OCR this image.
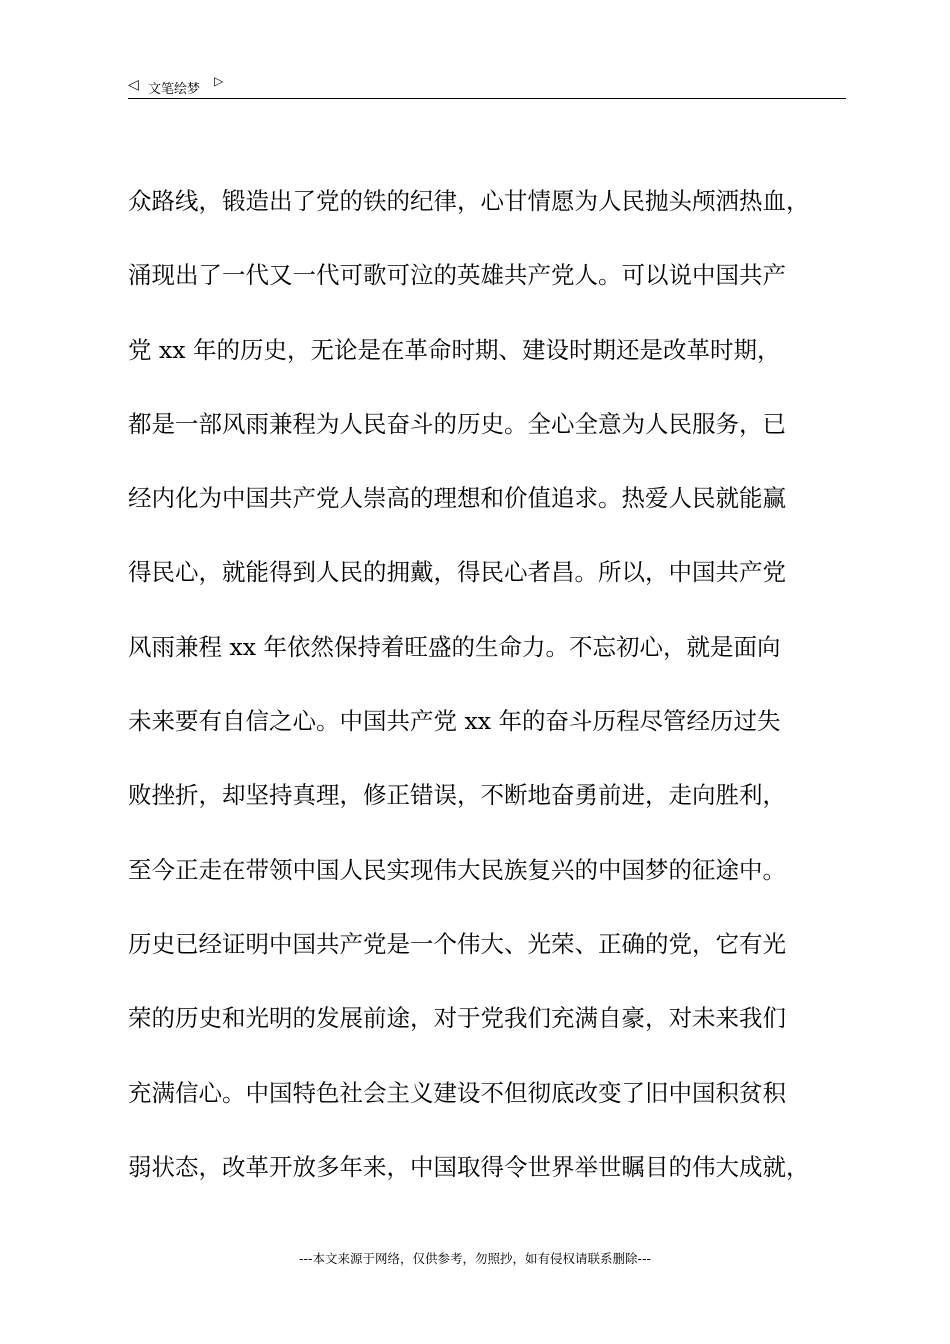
◁ 文笔绘梦
▷
众路线，锻造出了党的铁的纪律，心甘情愿为人民抛头颅洒热血，
涌现出了一代又一代可歌可泣的英雄共产党人。可以说中国共产
党 xx 年的历史，无论是在革命时期、建设时期还是改革时期，
都是一部风雨兼程为人民奋斗的历史。全心全意为人民服务，已
经内化为中国共产党人崇高的理想和价值追求。热爱人民就能赢
得民心，就能得到人民的拥戴，得民心者昌。所以，中国共产党
风雨兼程 xx 年依然保持着旺盛的生命力。不忘初心，就是面向
未来要有自信之心。中国共产党 xx 年的奋斗历程尽管经历过失
败挫折，却坚持真理，修正错误，不断地奋勇前进，走向胜利，
至今正走在带领中国人民实现伟大民族复兴的中国梦的征途中。
历史已经证明中国共产党是一个伟大、光荣、正确的党，它有光
荣的历史和光明的发展前途，对于党我们充满自豪，对未来我们
充满信心。中国特色社会主义建设不但彻底改变了旧中国积贫积
弱状态，改革开放多年来，中国取得令世界举世瞩目的伟大成就，
---本文来源于网络，仅供参考，勿照抄，如有侵权请联系删除---
